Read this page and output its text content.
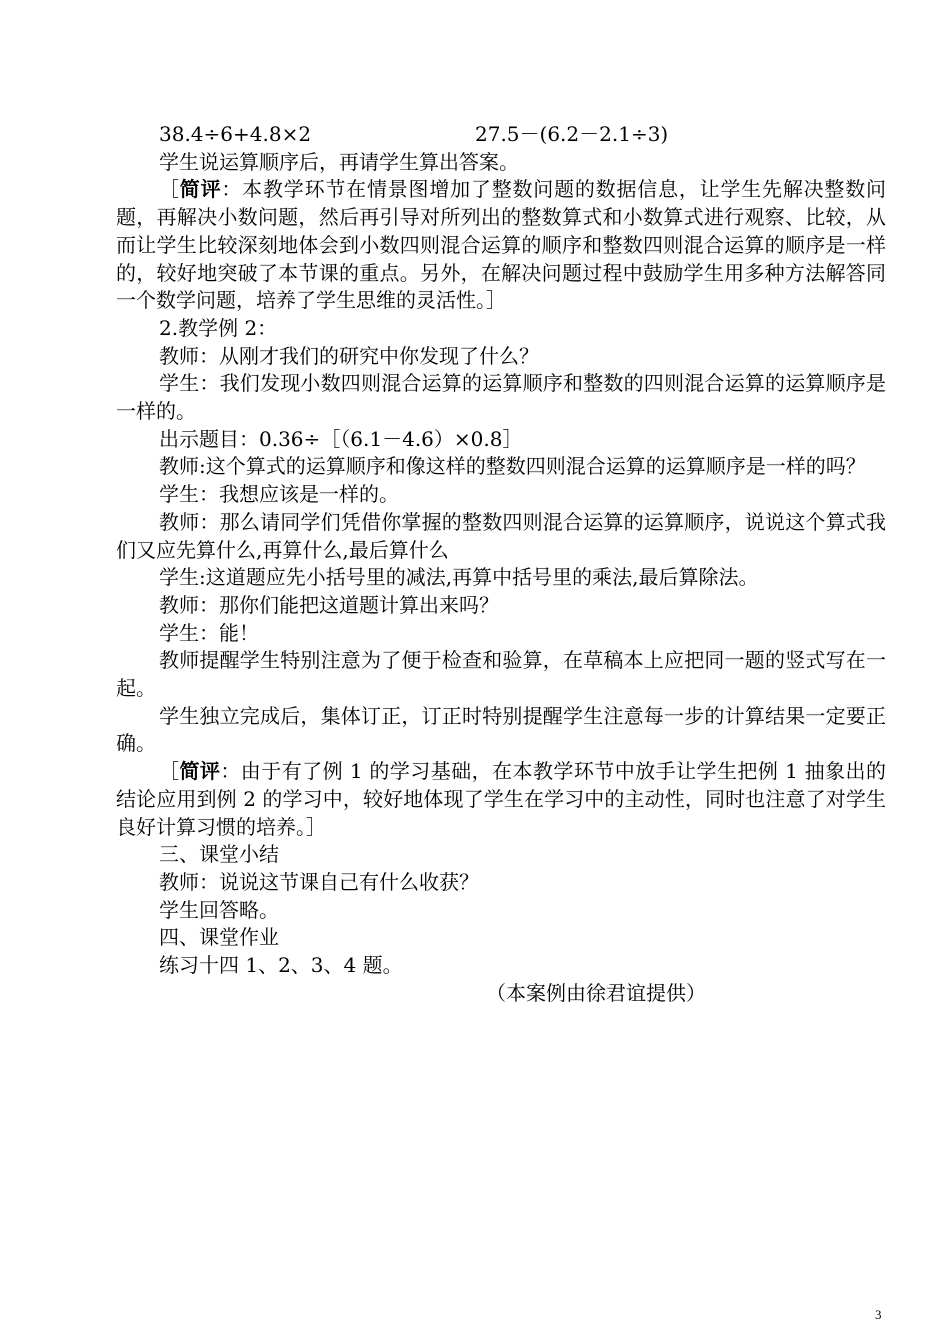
38.4÷6+4.8×2	27.5－(6.2－2.1÷3)

学生说运算顺序后，再请学生算出答案。

［简评：本教学环节在情景图增加了整数问题的数据信息，让学生先解决整数问题，再解决小数问题，然后再引导对所列出的整数算式和小数算式进行观察、比较，从而让学生比较深刻地体会到小数四则混合运算的顺序和整数四则混合运算的顺序是一样的，较好地突破了本节课的重点。另外，在解决问题过程中鼓励学生用多种方法解答同一个数学问题，培养了学生思维的灵活性。］

2.教学例 2：

教师：从刚才我们的研究中你发现了什么？

学生：我们发现小数四则混合运算的运算顺序和整数的四则混合运算的运算顺序是一样的。

出示题目：0.36÷［（6.1－4.6）×0.8］

教师:这个算式的运算顺序和像这样的整数四则混合运算的运算顺序是一样的吗？

学生：我想应该是一样的。

教师：那么请同学们凭借你掌握的整数四则混合运算的运算顺序，说说这个算式我们又应先算什么,再算什么,最后算什么

学生:这道题应先小括号里的减法,再算中括号里的乘法,最后算除法。

教师：那你们能把这道题计算出来吗？

学生：能！

教师提醒学生特别注意为了便于检查和验算，在草稿本上应把同一题的竖式写在一起。

学生独立完成后，集体订正，订正时特别提醒学生注意每一步的计算结果一定要正确。

［简评：由于有了例 1 的学习基础，在本教学环节中放手让学生把例 1 抽象出的结论应用到例 2 的学习中，较好地体现了学生在学习中的主动性，同时也注意了对学生良好计算习惯的培养。］

三、课堂小结

教师：说说这节课自己有什么收获？

学生回答略。

四、课堂作业

练习十四 1、2、3、4 题。

（本案例由徐君谊提供）

3
